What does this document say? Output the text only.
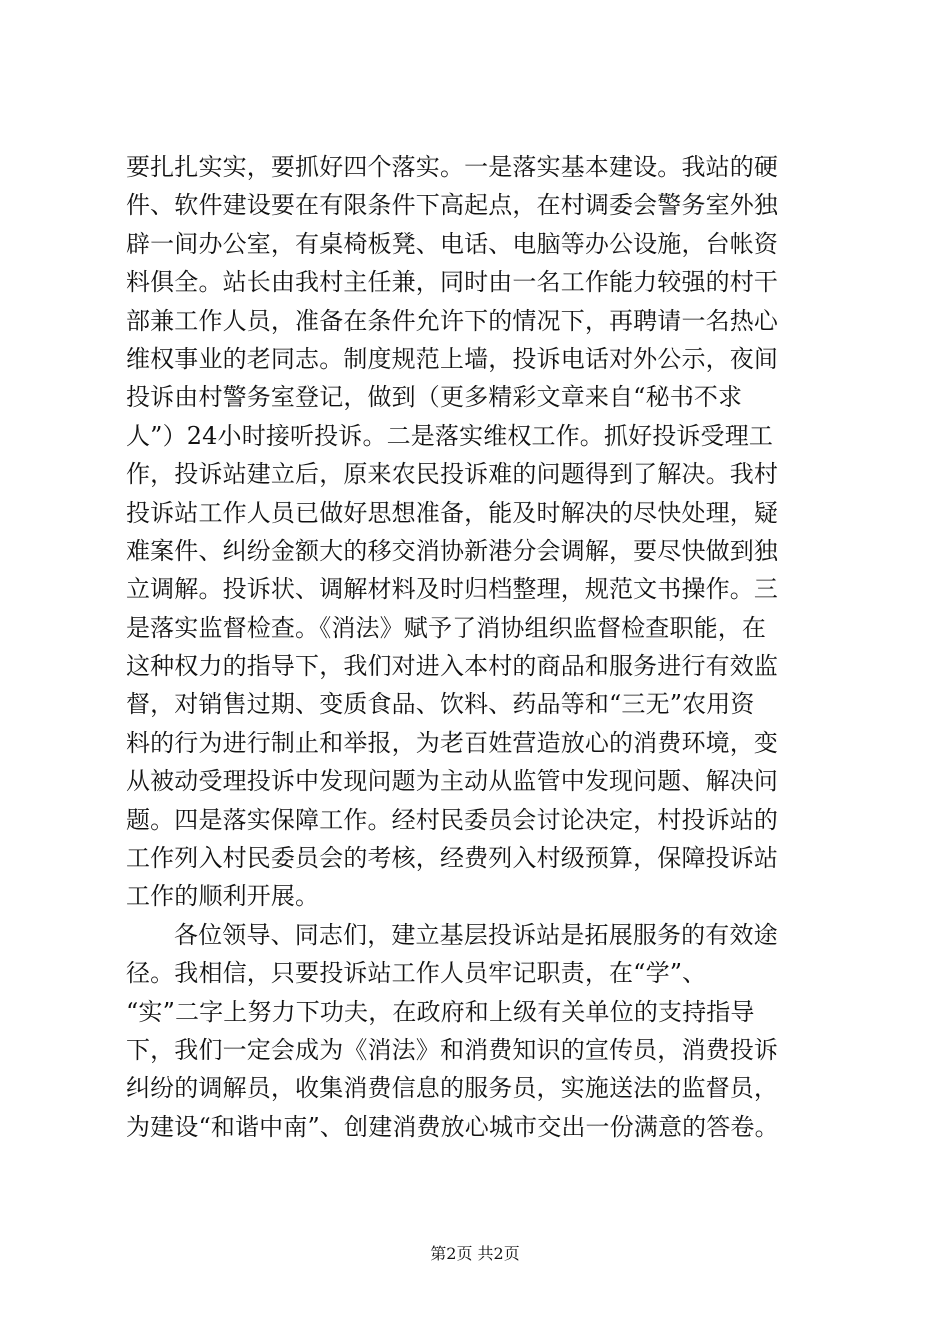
要扎扎实实，要抓好四个落实。一是落实基本建设。我站的硬
件、软件建设要在有限条件下高起点，在村调委会警务室外独
辟一间办公室，有桌椅板凳、电话、电脑等办公设施，台帐资
料俱全。站长由我村主任兼，同时由一名工作能力较强的村干
部兼工作人员，准备在条件允许下的情况下，再聘请一名热心
维权事业的老同志。制度规范上墙，投诉电话对外公示，夜间
投诉由村警务室登记，做到（更多精彩文章来自“秘书不求
人”）24小时接听投诉。二是落实维权工作。抓好投诉受理工
作，投诉站建立后，原来农民投诉难的问题得到了解决。我村
投诉站工作人员已做好思想准备，能及时解决的尽快处理，疑
难案件、纠纷金额大的移交消协新港分会调解，要尽快做到独
立调解。投诉状、调解材料及时归档整理，规范文书操作。三
是落实监督检查。《消法》赋予了消协组织监督检查职能，在
这种权力的指导下，我们对进入本村的商品和服务进行有效监
督，对销售过期、变质食品、饮料、药品等和“三无”农用资
料的行为进行制止和举报，为老百姓营造放心的消费环境，变
从被动受理投诉中发现问题为主动从监管中发现问题、解决问
题。四是落实保障工作。经村民委员会讨论决定，村投诉站的
工作列入村民委员会的考核，经费列入村级预算，保障投诉站
工作的顺利开展。
各位领导、同志们，建立基层投诉站是拓展服务的有效途
径。我相信，只要投诉站工作人员牢记职责，在“学”、
“实”二字上努力下功夫，在政府和上级有关单位的支持指导
下，我们一定会成为《消法》和消费知识的宣传员，消费投诉
纠纷的调解员，收集消费信息的服务员，实施送法的监督员，
为建设“和谐中南”、创建消费放心城市交出一份满意的答卷。
第2页 共2页
